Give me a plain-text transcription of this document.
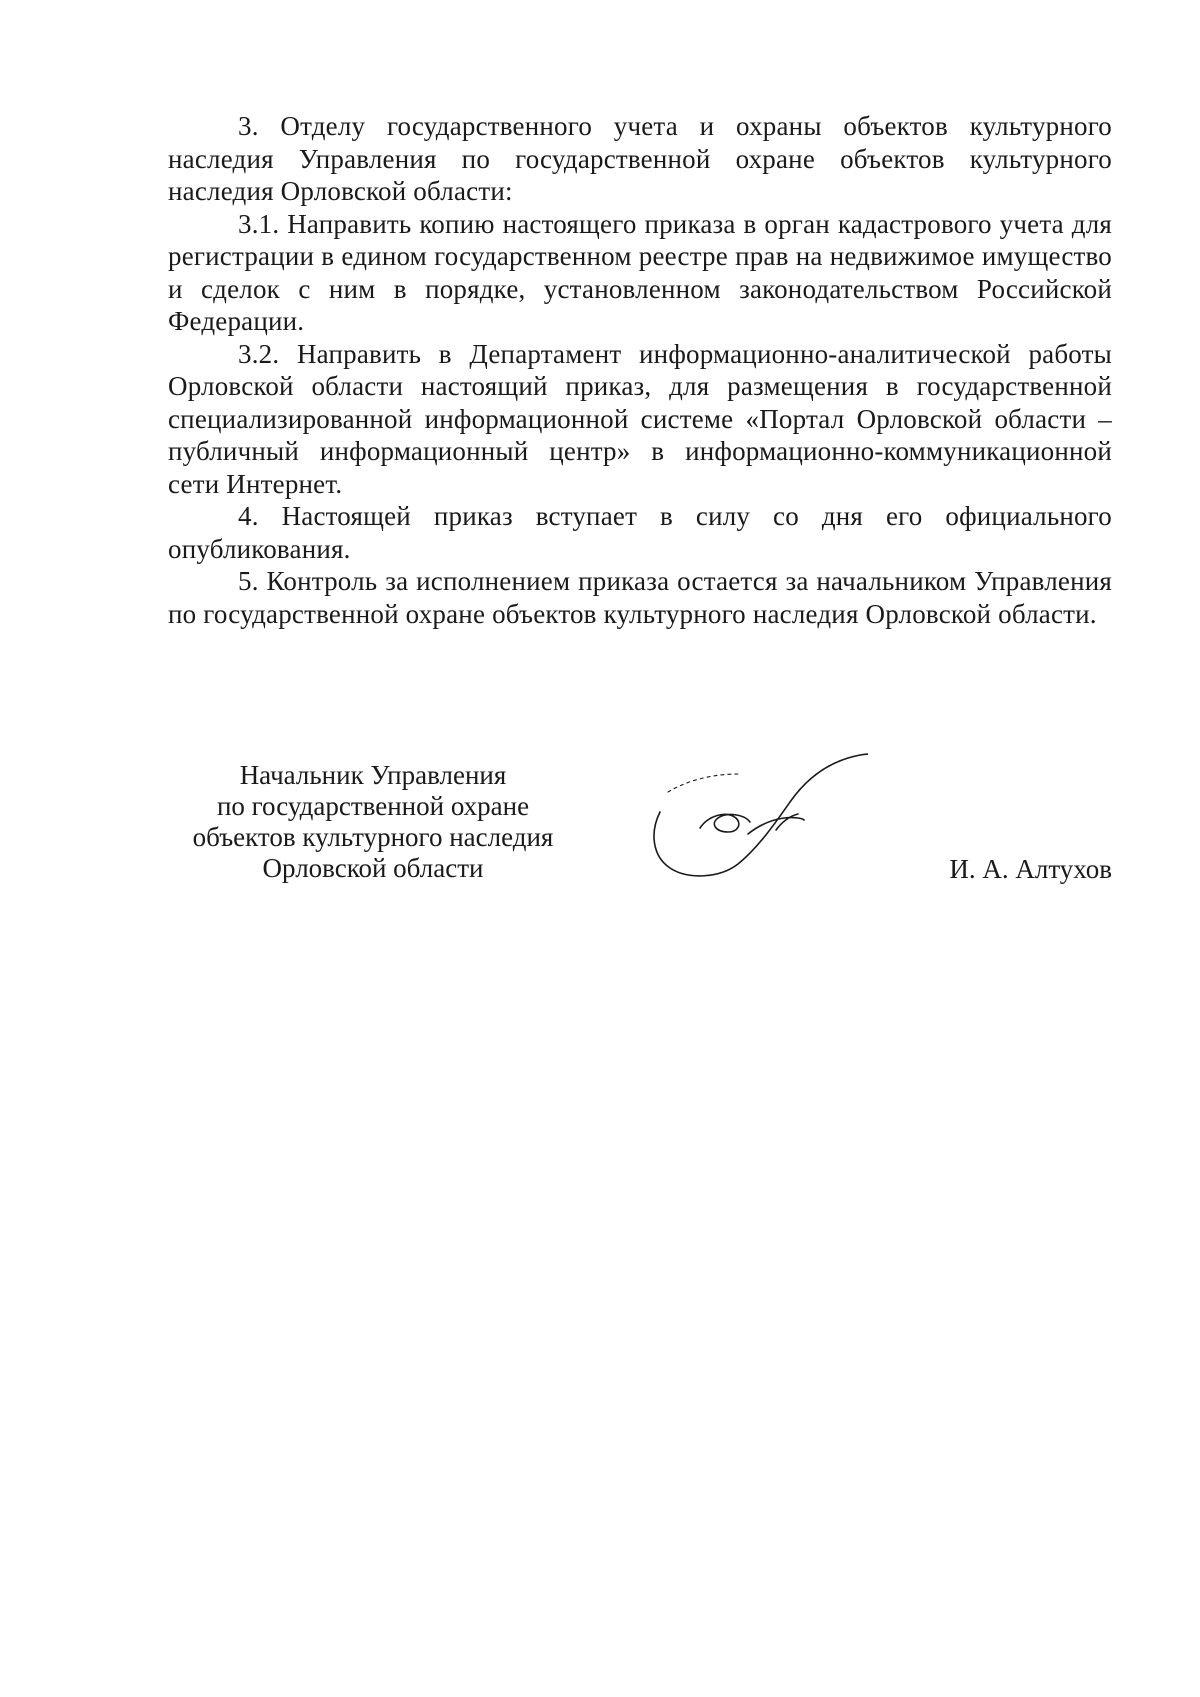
3. Отделу государственного учета и охраны объектов культурного наследия Управления по государственной охране объектов культурного наследия Орловской области:

3.1. Направить копию настоящего приказа в орган кадастрового учета для регистрации в едином государственном реестре прав на недвижимое имущество и сделок с ним в порядке, установленном законодательством Российской Федерации.

3.2. Направить в Департамент информационно-аналитической работы Орловской области настоящий приказ, для размещения в государственной специализированной информационной системе «Портал Орловской области – публичный информационный центр» в информационно-коммуникационной сети Интернет.

4. Настоящей приказ вступает в силу со дня его официального опубликования.

5. Контроль за исполнением приказа остается за начальником Управления по государственной охране объектов культурного наследия Орловской области.

Начальник Управления
по государственной охране
объектов культурного наследия
Орловской области	И. А. Алтухов
